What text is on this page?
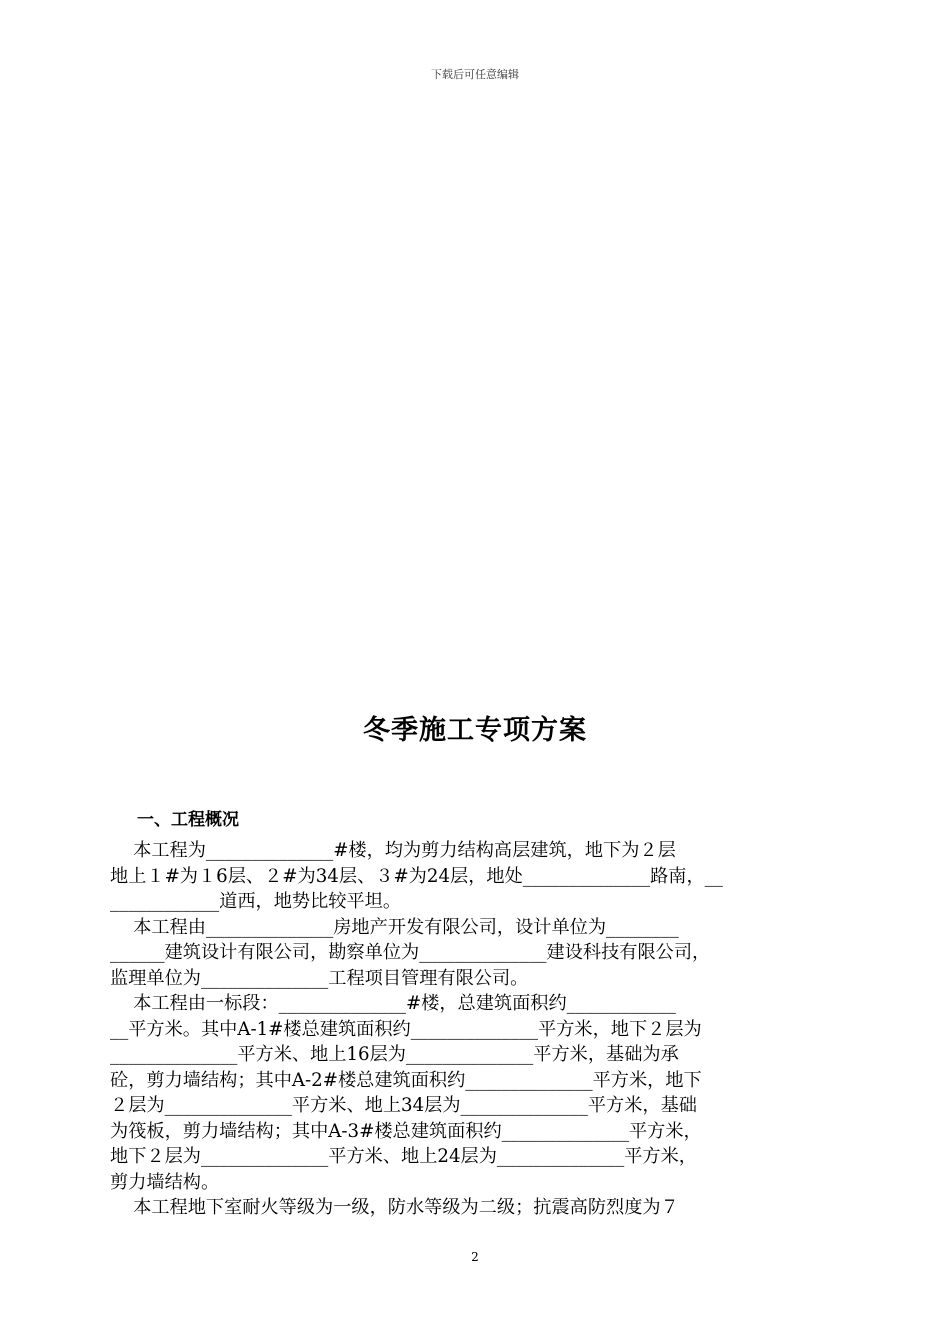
下载后可任意编辑
冬季施工专项方案
一、工程概况
本工程为______________#楼，均为剪力结构高层建筑，地下为２层
地上１#为１6层、２#为34层、３#为24层，地处______________路南，__
____________道西，地势比较平坦。
本工程由______________房地产开发有限公司，设计单位为________
______建筑设计有限公司，勘察单位为______________建设科技有限公司，
监理单位为______________工程项目管理有限公司。
本工程由一标段：______________#楼，总建筑面积约____________
__平方米。其中A-1#楼总建筑面积约______________平方米，地下２层为
______________平方米、地上16层为______________平方米，基础为承
砼，剪力墙结构；其中A-2#楼总建筑面积约______________平方米，地下
２层为______________平方米、地上34层为______________平方米，基础
为筏板，剪力墙结构；其中A-3#楼总建筑面积约______________平方米，
地下２层为______________平方米、地上24层为______________平方米，
剪力墙结构。
本工程地下室耐火等级为一级，防水等级为二级；抗震高防烈度为７
2
